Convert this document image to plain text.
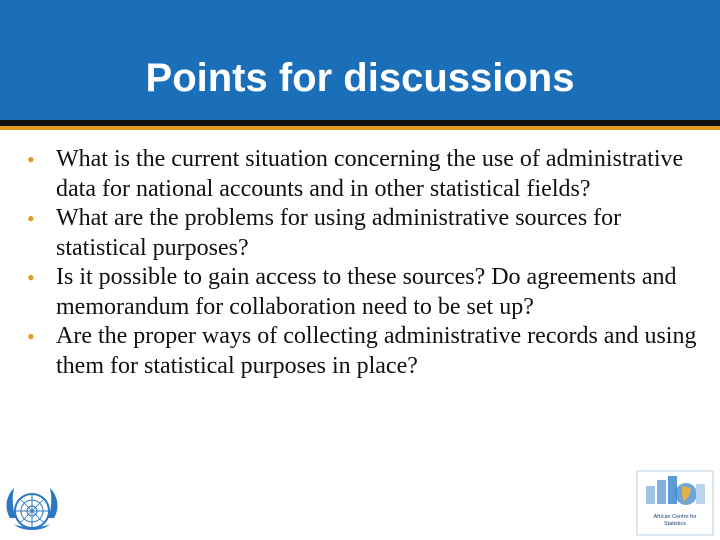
Points for discussions
• What is the current situation concerning the use of administrative data for national accounts and in other statistical fields?
• What are the problems for using administrative sources for statistical purposes?
• Is it possible to gain access to these sources? Do agreements and memorandum for collaboration need to be set up?
• Are the proper ways of collecting administrative records and using them for statistical purposes in place?
African Centre for
Statistics
